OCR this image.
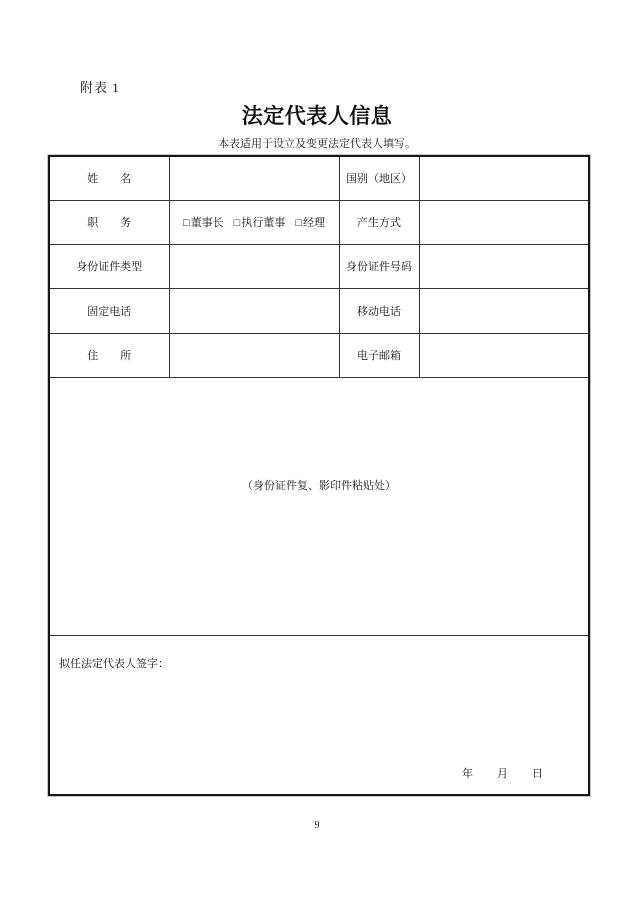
附表 1
法定代表人信息
本表适用于设立及变更法定代表人填写。
姓　　名		国别（地区）	
职　　务	□董事长 □执行董事 □经理	产生方式	
身份证件类型		身份证件号码	
固定电话		移动电话	
住　　所		电子邮箱	

（身份证件复、影印件粘贴处）			

拟任法定代表人签字：
年 月 日			
9
